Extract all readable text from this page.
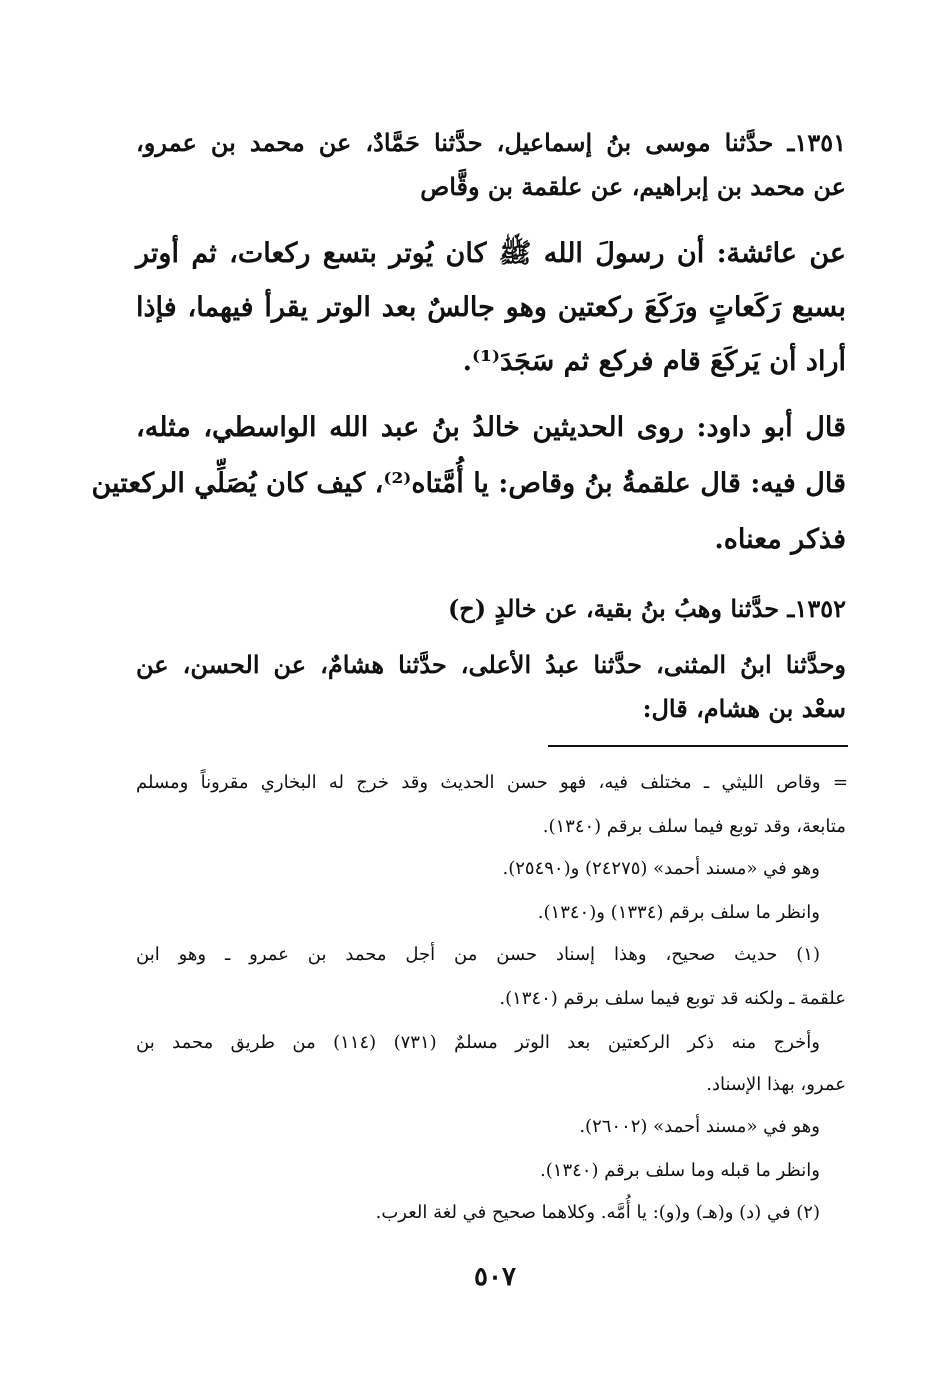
١٣٥١ـ حدَّثنا موسى بنُ إسماعيل، حدَّثنا حَمَّادٌ، عن محمد بن عمرو،

عن محمد بن إبراهيم، عن علقمة بن وقَّاص

عن عائشة: أن رسولَ الله ﷺ كان يُوتر بتسع ركعات، ثم أوتر

بسبع رَكَعاتٍ ورَكَعَ ركعتين وهو جالسٌ بعد الوتر يقرأ فيهما، فإذا

أراد أن يَركَعَ قام فركع ثم سَجَدَ⁽¹⁾.

قال أبو داود: روى الحديثين خالدُ بنُ عبد الله الواسطي، مثله،

قال فيه: قال علقمةُ بنُ وقاص: يا أُمَّتاه⁽²⁾، كيف كان يُصَلِّي الركعتين

فذكر معناه.

١٣٥٢ـ حدَّثنا وهبُ بنُ بقية، عن خالدٍ (ح)

وحدَّثنا ابنُ المثنى، حدَّثنا عبدُ الأعلى، حدَّثنا هشامٌ، عن الحسن، عن

سعْد بن هشام، قال:

= وقاص الليثي ـ مختلف فيه، فهو حسن الحديث وقد خرج له البخاري مقروناً ومسلم

متابعة، وقد توبع فيما سلف برقم (١٣٤٠).

وهو في «مسند أحمد» (٢٤٢٧٥) و(٢٥٤٩٠).

وانظر ما سلف برقم (١٣٣٤) و(١٣٤٠).

(١) حديث صحيح، وهذا إسناد حسن من أجل محمد بن عمرو ـ وهو ابن

علقمة ـ ولكنه قد توبع فيما سلف برقم (١٣٤٠).

وأخرج منه ذكر الركعتين بعد الوتر مسلمٌ (٧٣١) (١١٤) من طريق محمد بن

عمرو، بهذا الإسناد.

وهو في «مسند أحمد» (٢٦٠٠٢).

وانظر ما قبله وما سلف برقم (١٣٤٠).

(٢) في (د) و(هـ) و(و): يا أُمَّه. وكلاهما صحيح في لغة العرب.

٥٠٧
